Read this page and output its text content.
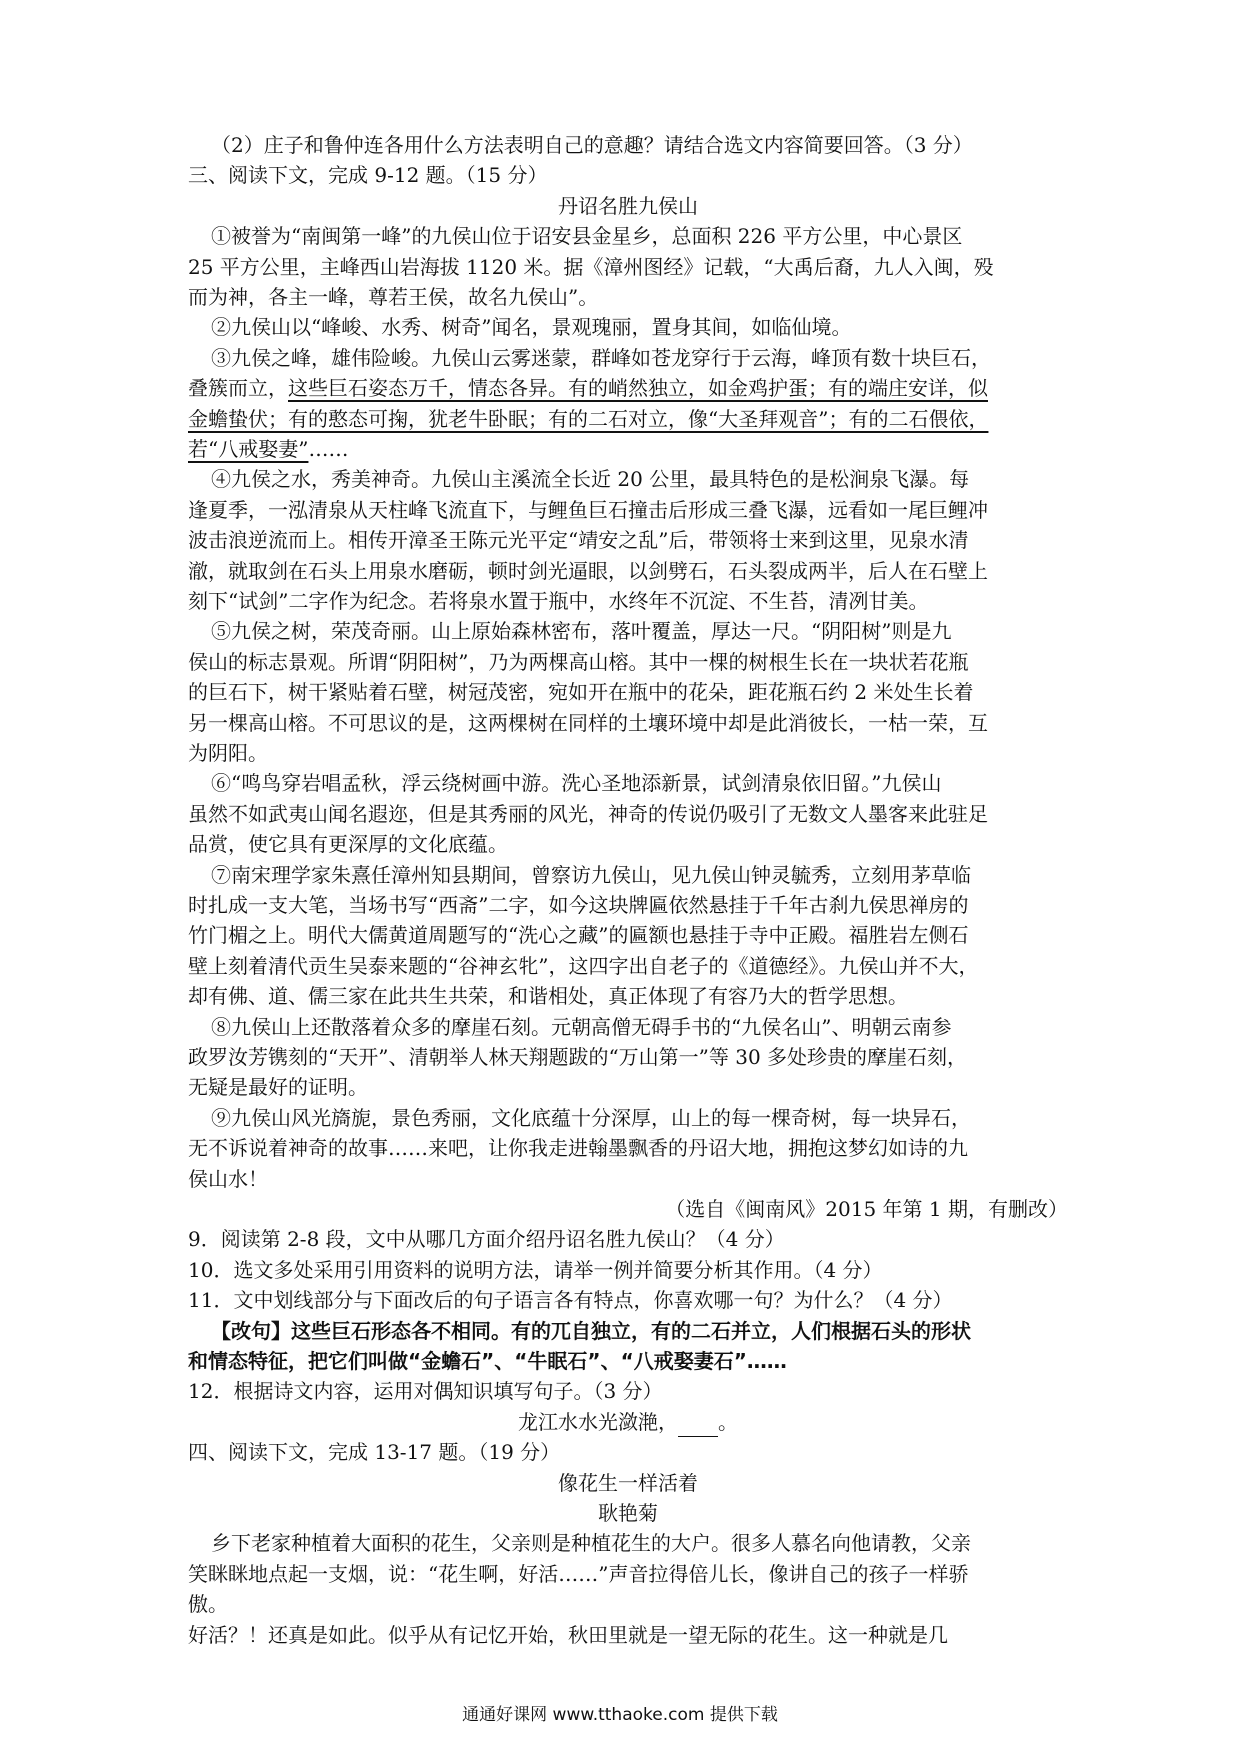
（2）庄子和鲁仲连各用什么方法表明自己的意趣？请结合选文内容简要回答。（3 分）
三、阅读下文，完成 9-12 题。（15 分）
丹诏名胜九侯山
①被誉为“南闽第一峰”的九侯山位于诏安县金星乡，总面积 226 平方公里，中心景区
25 平方公里，主峰西山岩海拔 1120 米。据《漳州图经》记载，“大禹后裔，九人入闽，殁
而为神，各主一峰，尊若王侯，故名九侯山”。
②九侯山以“峰峻、水秀、树奇”闻名，景观瑰丽，置身其间，如临仙境。
③九侯之峰，雄伟险峻。九侯山云雾迷蒙，群峰如苍龙穿行于云海，峰顶有数十块巨石，
叠簇而立，这些巨石姿态万千，情态各异。有的峭然独立，如金鸡护蛋；有的端庄安详，似
金蟾蛰伏；有的憨态可掬，犹老牛卧眠；有的二石对立，像“大圣拜观音”；有的二石偎依，
若“八戒娶妻”……
④九侯之水，秀美神奇。九侯山主溪流全长近 20 公里，最具特色的是松涧泉飞瀑。每
逢夏季，一泓清泉从天柱峰飞流直下，与鲤鱼巨石撞击后形成三叠飞瀑，远看如一尾巨鲤冲
波击浪逆流而上。相传开漳圣王陈元光平定“靖安之乱”后，带领将士来到这里，见泉水清
澈，就取剑在石头上用泉水磨砺，顿时剑光逼眼，以剑劈石，石头裂成两半，后人在石壁上
刻下“试剑”二字作为纪念。若将泉水置于瓶中，水终年不沉淀、不生苔，清冽甘美。
⑤九侯之树，荣茂奇丽。山上原始森林密布，落叶覆盖，厚达一尺。“阴阳树”则是九
侯山的标志景观。所谓“阴阳树”，乃为两棵高山榕。其中一棵的树根生长在一块状若花瓶
的巨石下，树干紧贴着石壁，树冠茂密，宛如开在瓶中的花朵，距花瓶石约 2 米处生长着
另一棵高山榕。不可思议的是，这两棵树在同样的土壤环境中却是此消彼长，一枯一荣，互
为阴阳。
⑥“鸣鸟穿岩唱孟秋，浮云绕树画中游。洗心圣地添新景，试剑清泉依旧留。”九侯山
虽然不如武夷山闻名遐迩，但是其秀丽的风光，神奇的传说仍吸引了无数文人墨客来此驻足
品赏，使它具有更深厚的文化底蕴。
⑦南宋理学家朱熹任漳州知县期间，曾察访九侯山，见九侯山钟灵毓秀，立刻用茅草临
时扎成一支大笔，当场书写“西斋”二字，如今这块牌匾依然悬挂于千年古刹九侯思禅房的
竹门楣之上。明代大儒黄道周题写的“洗心之藏”的匾额也悬挂于寺中正殿。福胜岩左侧石
壁上刻着清代贡生吴泰来题的“谷神玄牝”，这四字出自老子的《道德经》。九侯山并不大，
却有佛、道、儒三家在此共生共荣，和谐相处，真正体现了有容乃大的哲学思想。
⑧九侯山上还散落着众多的摩崖石刻。元朝高僧无碍手书的“九侯名山”、明朝云南参
政罗汝芳镌刻的“天开”、清朝举人林天翔题跋的“万山第一”等 30 多处珍贵的摩崖石刻，
无疑是最好的证明。
⑨九侯山风光旖旎，景色秀丽，文化底蕴十分深厚，山上的每一棵奇树，每一块异石，
无不诉说着神奇的故事……来吧，让你我走进翰墨飘香的丹诏大地，拥抱这梦幻如诗的九
侯山水！
（选自《闽南风》2015 年第 1 期，有删改）
9．阅读第 2-8 段，文中从哪几方面介绍丹诏名胜九侯山？（4 分）
10．选文多处采用引用资料的说明方法，请举一例并简要分析其作用。（4 分）
11．文中划线部分与下面改后的句子语言各有特点，你喜欢哪一句？为什么？（4 分）
【改句】这些巨石形态各不相同。有的兀自独立，有的二石并立，人们根据石头的形状
和情态特征，把它们叫做“金蟾石”、“牛眠石”、“八戒娶妻石”……
12．根据诗文内容，运用对偶知识填写句子。（3 分）
龙江水水光潋滟， 。
四、阅读下文，完成 13-17 题。（19 分）
像花生一样活着
耿艳菊
乡下老家种植着大面积的花生，父亲则是种植花生的大户。很多人慕名向他请教，父亲
笑眯眯地点起一支烟，说：“花生啊，好活……”声音拉得倍儿长，像讲自己的孩子一样骄
傲。
好活？！还真是如此。似乎从有记忆开始，秋田里就是一望无际的花生。这一种就是几
通通好课网 www.tthaoke.com 提供下载
